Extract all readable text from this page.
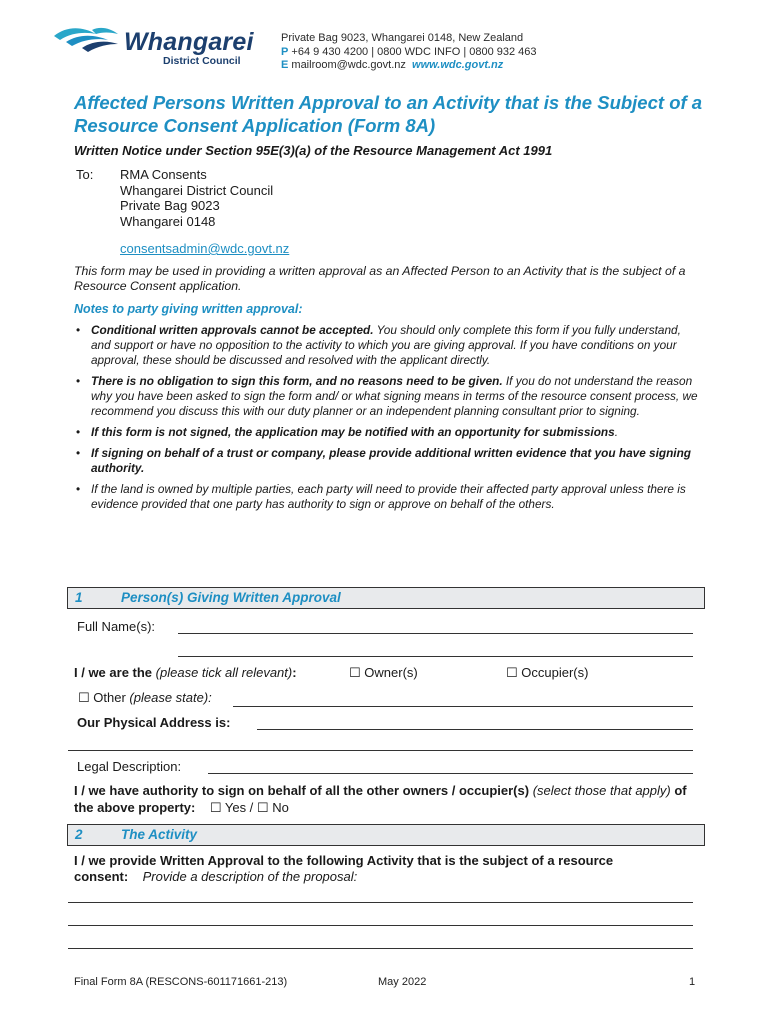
Whangarei
District Council
Private Bag 9023, Whangarei 0148, New Zealand
P +64 9 430 4200 | 0800 WDC INFO | 0800 932 463
E mailroom@wdc.govt.nz www.wdc.govt.nz
Affected Persons Written Approval to an Activity that is the Subject of a Resource Consent Application (Form 8A)
Written Notice under Section 95E(3)(a) of the Resource Management Act 1991
To: RMA Consents
Whangarei District Council
Private Bag 9023
Whangarei 0148
consentsadmin@wdc.govt.nz
This form may be used in providing a written approval as an Affected Person to an Activity that is the subject of a Resource Consent application.
Notes to party giving written approval:
• Conditional written approvals cannot be accepted. You should only complete this form if you fully understand, and support or have no opposition to the activity to which you are giving approval. If you have conditions on your approval, these should be discussed and resolved with the applicant directly.
• There is no obligation to sign this form, and no reasons need to be given. If you do not understand the reason why you have been asked to sign the form and/ or what signing means in terms of the resource consent process, we recommend you discuss this with our duty planner or an independent planning consultant prior to signing.
• If this form is not signed, the application may be notified with an opportunity for submissions.
• If signing on behalf of a trust or company, please provide additional written evidence that you have signing authority.
• If the land is owned by multiple parties, each party will need to provide their affected party approval unless there is evidence provided that one party has authority to sign or approve on behalf of the others.
1	Person(s) Giving Written Approval
Full Name(s):
I / we are the (please tick all relevant):	☐ Owner(s)	☐ Occupier(s)
☐ Other (please state):
Our Physical Address is:
Legal Description:
I / we have authority to sign on behalf of all the other owners / occupier(s) (select those that apply) of the above property: ☐ Yes / ☐ No
2	The Activity
I / we provide Written Approval to the following Activity that is the subject of a resource
consent: Provide a description of the proposal:
Final Form 8A (RESCONS-601171661-213)	May 2022	1
